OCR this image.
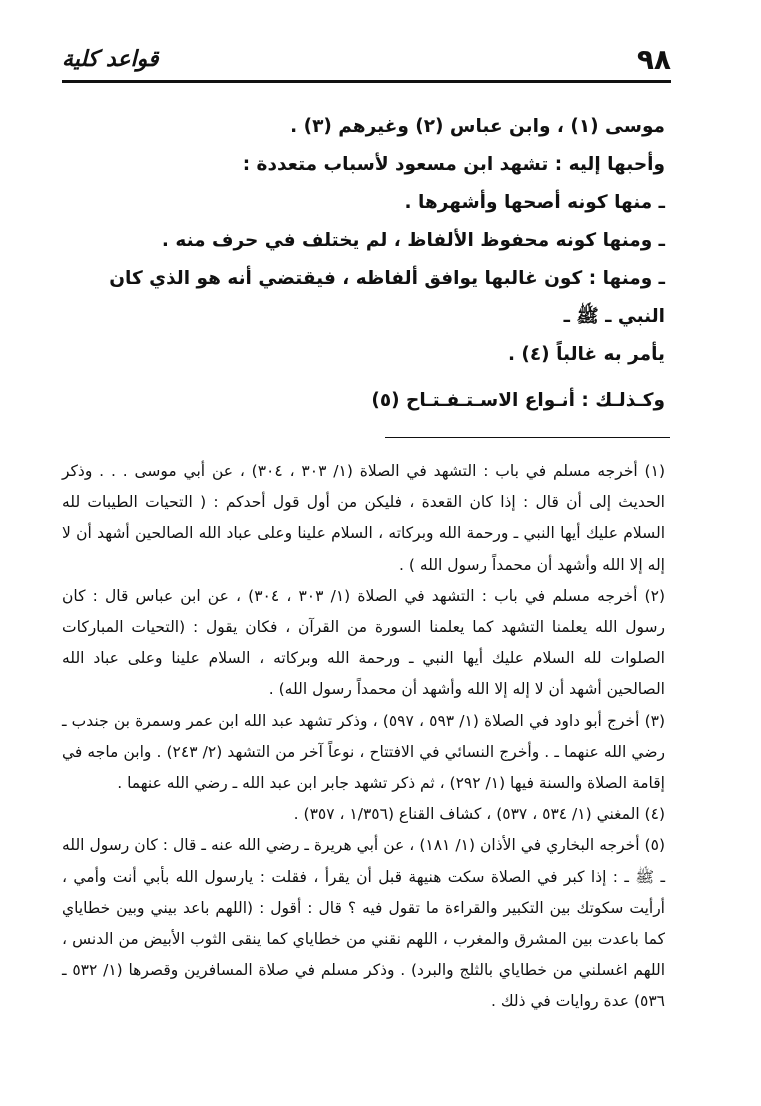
٩٨
قواعد كلية

موسى (١) ، وابن عباس (٢) وغيرهم (٣) .

وأحبها إليه : تشهد ابن مسعود لأسباب متعددة :

ـ منها كونه أصحها وأشهرها .

ـ ومنها كونه محفوظ الألفاظ ، لم يختلف في حرف منه .

ـ ومنها : كون غالبها يوافق ألفاظه ، فيقتضي أنه هو الذي كان النبي ـ ﷺ ـ

يأمر به غالباً (٤) .

وكـذلـك : أنـواع الاسـتـفـتـاح (٥)

(١) أخرجه مسلم في باب : التشهد في الصلاة (١/ ٣٠٣ ، ٣٠٤) ، عن أبي موسى . . . وذكر الحديث إلى أن قال : إذا كان القعدة ، فليكن من أول قول أحدكم : ( التحيات الطيبات لله السلام عليك أيها النبي ـ ورحمة الله وبركاته ، السلام علينا وعلى عباد الله الصالحين أشهد أن لا إله إلا الله وأشهد أن محمداً رسول الله ) .

(٢) أخرجه مسلم في باب : التشهد في الصلاة (١/ ٣٠٣ ، ٣٠٤) ، عن ابن عباس قال : كان رسول الله يعلمنا التشهد كما يعلمنا السورة من القرآن ، فكان يقول : (التحيات المباركات الصلوات لله السلام عليك أيها النبي ـ ورحمة الله وبركاته ، السلام علينا وعلى عباد الله الصالحين أشهد أن لا إله إلا الله وأشهد أن محمداً رسول الله) .

(٣) أخرج أبو داود في الصلاة (١/ ٥٩٣ ، ٥٩٧) ، وذكر تشهد عبد الله ابن عمر وسمرة بن جندب ـ رضي الله عنهما ـ . وأخرج النسائي في الافتتاح ، نوعاً آخر من التشهد (٢/ ٢٤٣) . وابن ماجه في إقامة الصلاة والسنة فيها (١/ ٢٩٢) ، ثم ذكر تشهد جابر ابن عبد الله ـ رضي الله عنهما .

(٤) المغني (١/ ٥٣٤ ، ٥٣٧) ، كشاف القناع (١/٣٥٦ ، ٣٥٧) .

(٥) أخرجه البخاري في الأذان (١/ ١٨١) ، عن أبي هريرة ـ رضي الله عنه ـ قال : كان رسول الله ـ ﷺ ـ : إذا كبر في الصلاة سكت هنيهة قبل أن يقرأ ، فقلت : يارسول الله بأبي أنت وأمي ، أرأيت سكوتك بين التكبير والقراءة ما تقول فيه ؟ قال : أقول : (اللهم باعد بيني وبين خطاياي كما باعدت بين المشرق والمغرب ، اللهم نقني من خطاياي كما ينقى الثوب الأبيض من الدنس ، اللهم اغسلني من خطاياي بالثلج والبرد) . وذكر مسلم في صلاة المسافرين وقصرها (١/ ٥٣٢ ـ ٥٣٦) عدة روايات في ذلك .
